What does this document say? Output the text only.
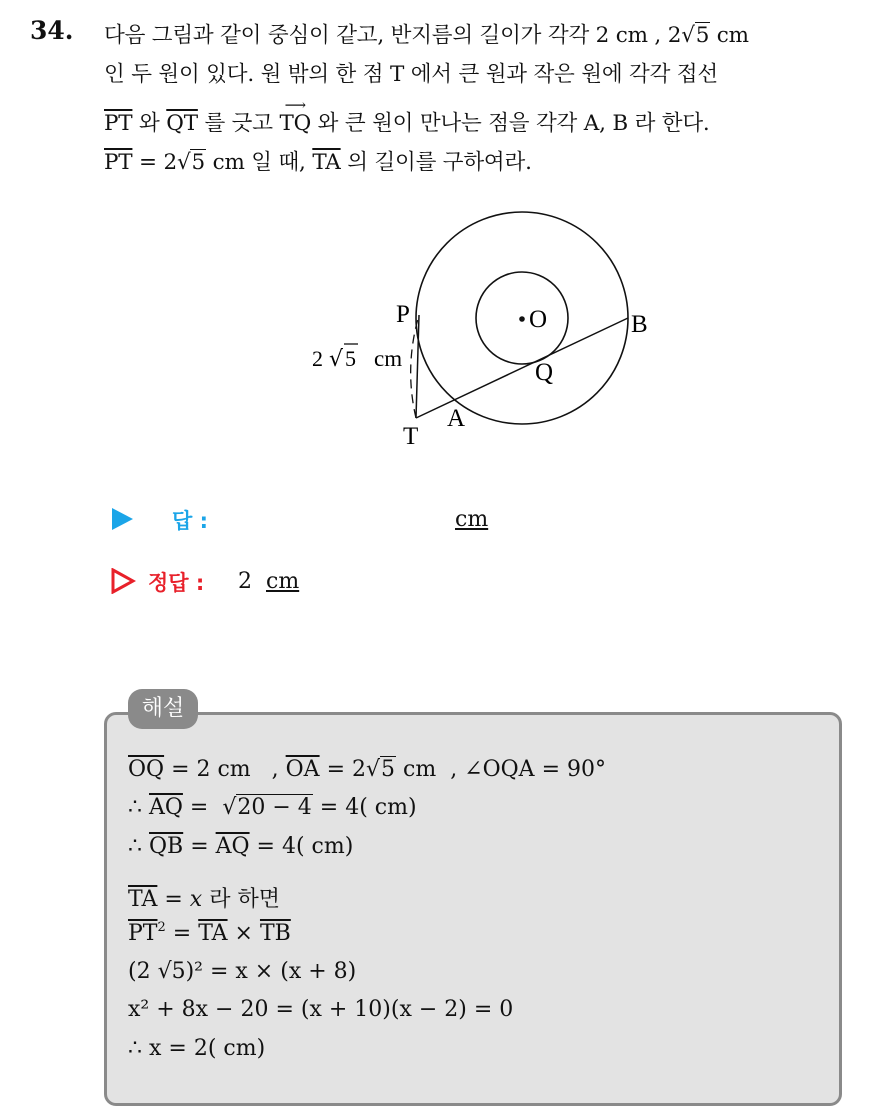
34. 다음 그림과 같이 중심이 같고, 반지름의 길이가 각각 2 cm , 2√5 cm
인 두 원이 있다. 원 밖의 한 점 T 에서 큰 원과 작은 원에 각각 접선
$\overline{PT}$ 와 $\overline{QT}$ 를 긋고
⟶
TQ 와 큰 원이 만나는 점을 각각 A, B 라 한다.
$\overline{PT} = 2√5$ cm 일 때, $\overline{TA}$ 의 길이를 구하여라.
P	O	B
Q
A
T
2 √ 5 cm
답 :	cm
정답 : 2 cm
해설
$\overline{OQ} = 2$ cm   , $\overline{OA} = 2√5$ cm  , ∠OQA = 90°
∴ $\overline{AQ} = √20 - 4 = 4$( cm)
∴ $\overline{QB} = \overline{AQ} = 4$( cm)
$\overline{TA} = x$ 라 하면
$\overline{PT}^2 = \overline{TA} \times \overline{TB}$
(2 √5)² = x × (x + 8)
x² + 8x − 20 = (x + 10)(x − 2) = 0
∴ x = 2( cm)
